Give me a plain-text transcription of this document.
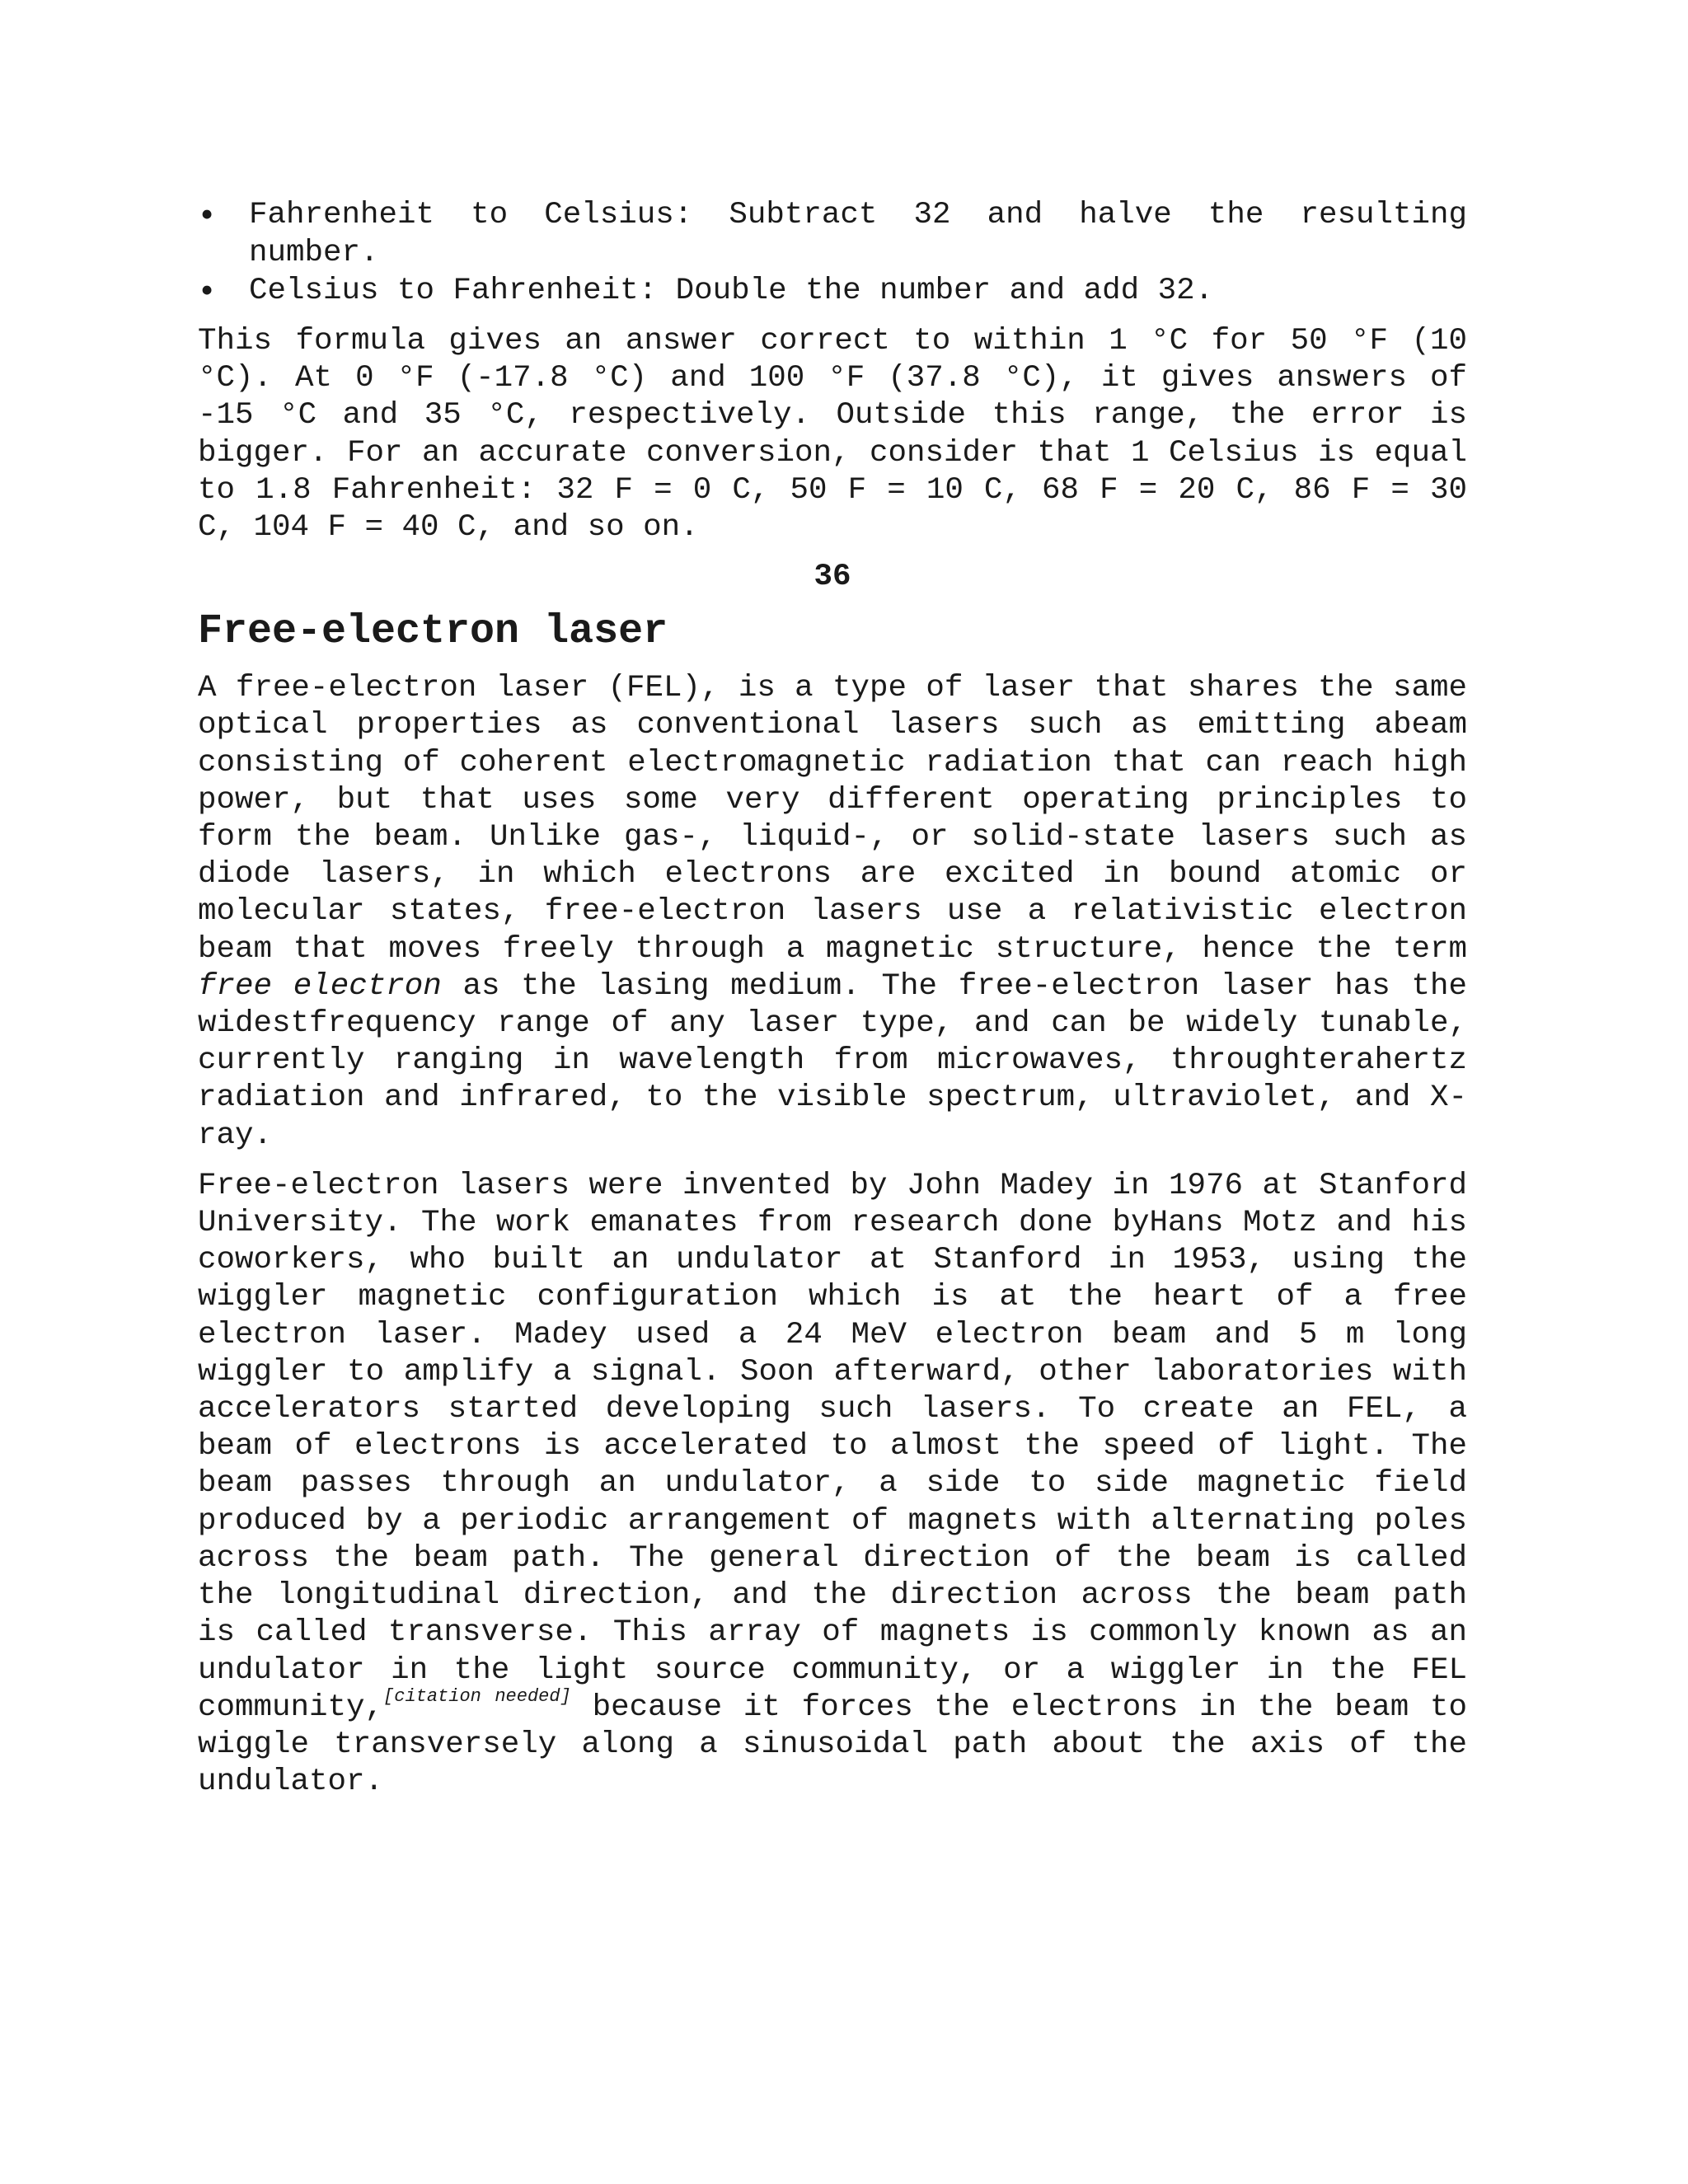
• Fahrenheit to Celsius: Subtract 32 and halve the resulting number.
• Celsius to Fahrenheit: Double the number and add 32.

This formula gives an answer correct to within 1 °C for 50 °F (10 °C). At 0 °F (-17.8 °C) and 100 °F (37.8 °C), it gives answers of -15 °C and 35 °C, respectively. Outside this range, the error is bigger. For an accurate conversion, consider that 1 Celsius is equal to 1.8 Fahrenheit: 32 F = 0 C, 50 F = 10 C, 68 F = 20 C, 86 F = 30 C, 104 F = 40 C, and so on.

36
Free-electron laser

A free-electron laser (FEL), is a type of laser that shares the same optical properties as conventional lasers such as emitting abeam consisting of coherent electromagnetic radiation that can reach high power, but that uses some very different operating principles to form the beam. Unlike gas-, liquid-, or solid-state lasers such as diode lasers, in which electrons are excited in bound atomic or molecular states, free-electron lasers use a relativistic electron beam that moves freely through a magnetic structure, hence the term free electron as the lasing medium. The free-electron laser has the widestfrequency range of any laser type, and can be widely tunable, currently ranging in wavelength from microwaves, throughterahertz radiation and infrared, to the visible spectrum, ultraviolet, and X-ray.

Free-electron lasers were invented by John Madey in 1976 at Stanford University. The work emanates from research done byHans Motz and his coworkers, who built an undulator at Stanford in 1953, using the wiggler magnetic configuration which is at the heart of a free electron laser. Madey used a 24 MeV electron beam and 5 m long wiggler to amplify a signal. Soon afterward, other laboratories with accelerators started developing such lasers. To create an FEL, a beam of electrons is accelerated to almost the speed of light. The beam passes through an undulator, a side to side magnetic field produced by a periodic arrangement of magnets with alternating poles across the beam path. The general direction of the beam is called the longitudinal direction, and the direction across the beam path is called transverse. This array of magnets is commonly known as an undulator in the light source community, or a wiggler in the FEL community,[citation needed] because it forces the electrons in the beam to wiggle transversely along a sinusoidal path about the axis of the undulator.
